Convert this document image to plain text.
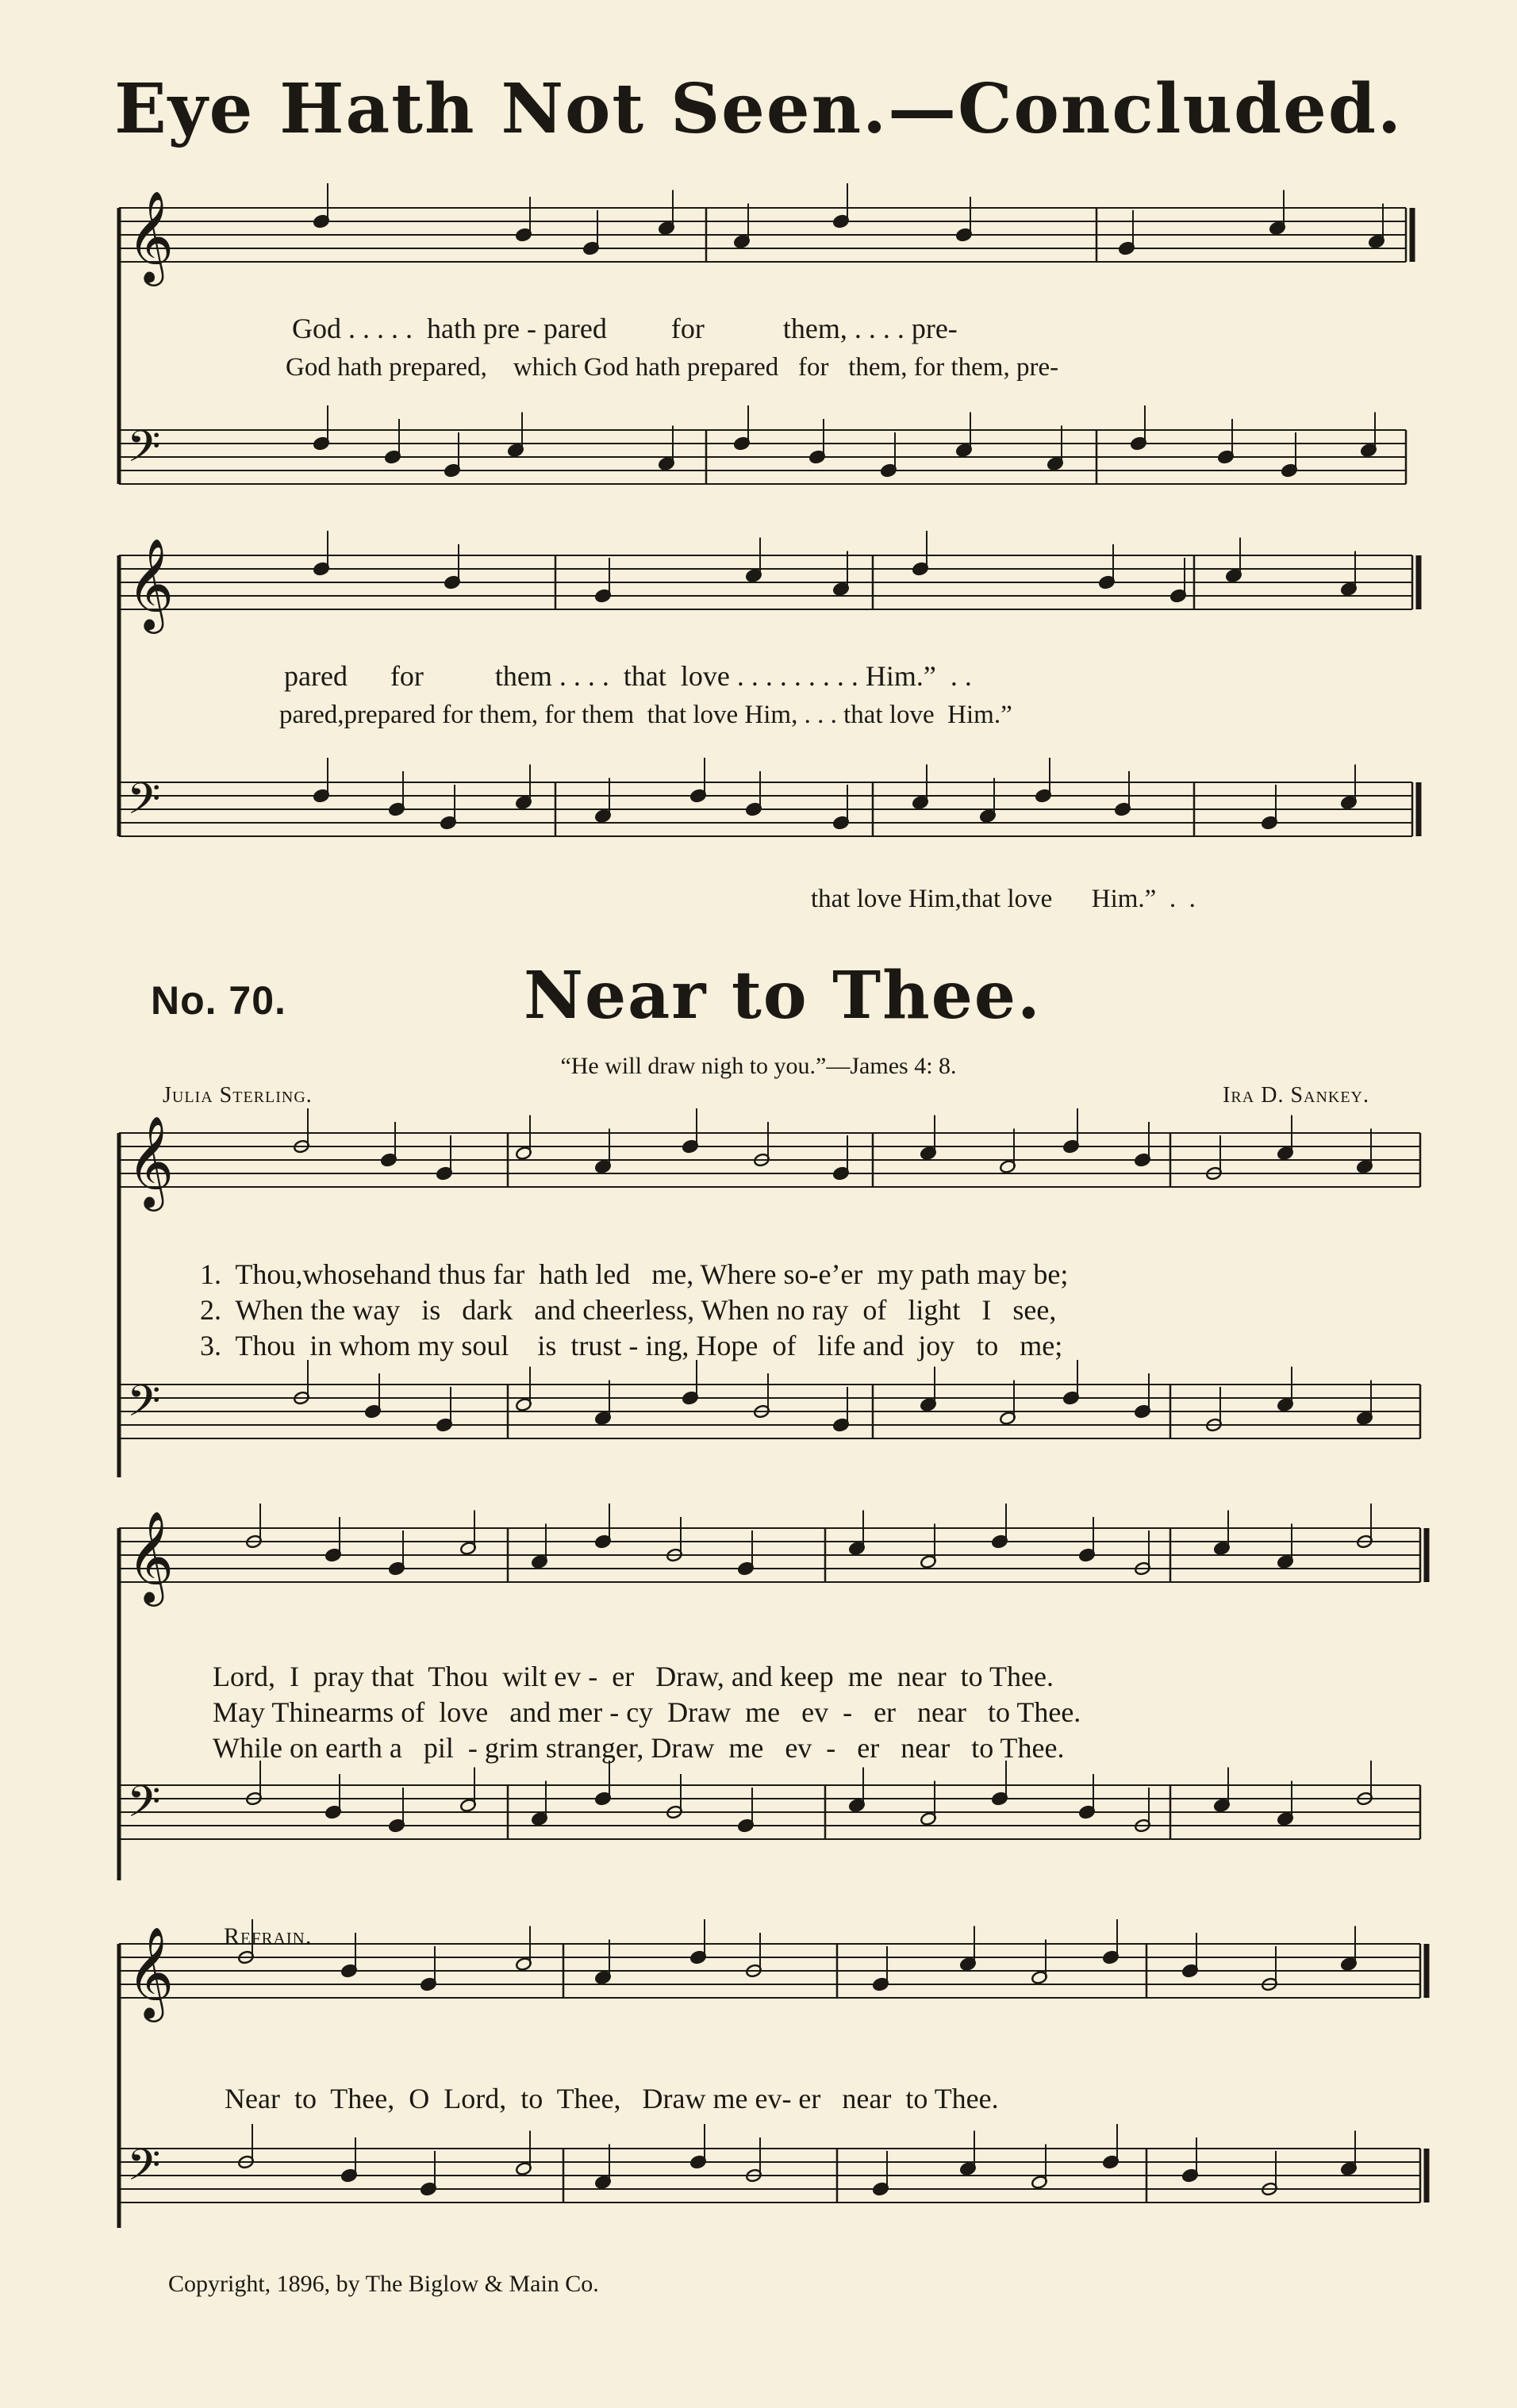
𝄞
𝄢
𝄞
𝄢
𝄞
𝄢
𝄞
𝄢
𝄞
𝄢
Eye Hath Not Seen.—Concluded.
God . . . . .  hath pre - pared         for           them, . . . . pre-
God hath prepared,    which God hath prepared   for   them, for them, pre-
pared      for          them . . . .  that  love . . . . . . . . . Him.”  . .
pared,prepared for them, for them  that love Him, . . . that love  Him.”
that love Him,that love      Him.”  .  .
No. 70.	Near to Thee.
“He will draw nigh to you.”—James 4: 8.
Julia Sterling.	Ira D. Sankey.
1.  Thou,whosehand thus far  hath led   me, Where so-e’er  my path may be;
2.  When the way   is   dark   and cheerless, When no ray  of   light   I   see,
3.  Thou  in whom my soul    is  trust - ing, Hope  of   life and  joy   to   me;
Lord,  I  pray that  Thou  wilt ev -  er   Draw, and keep  me  near  to Thee.
May Thinearms of  love   and mer - cy  Draw  me   ev  -   er   near   to Thee.
While on earth a   pil  - grim stranger, Draw  me   ev  -   er   near   to Thee.
Refrain.
Near  to  Thee,  O  Lord,  to  Thee,   Draw me ev- er   near  to Thee.
Copyright, 1896, by The Biglow & Main Co.
